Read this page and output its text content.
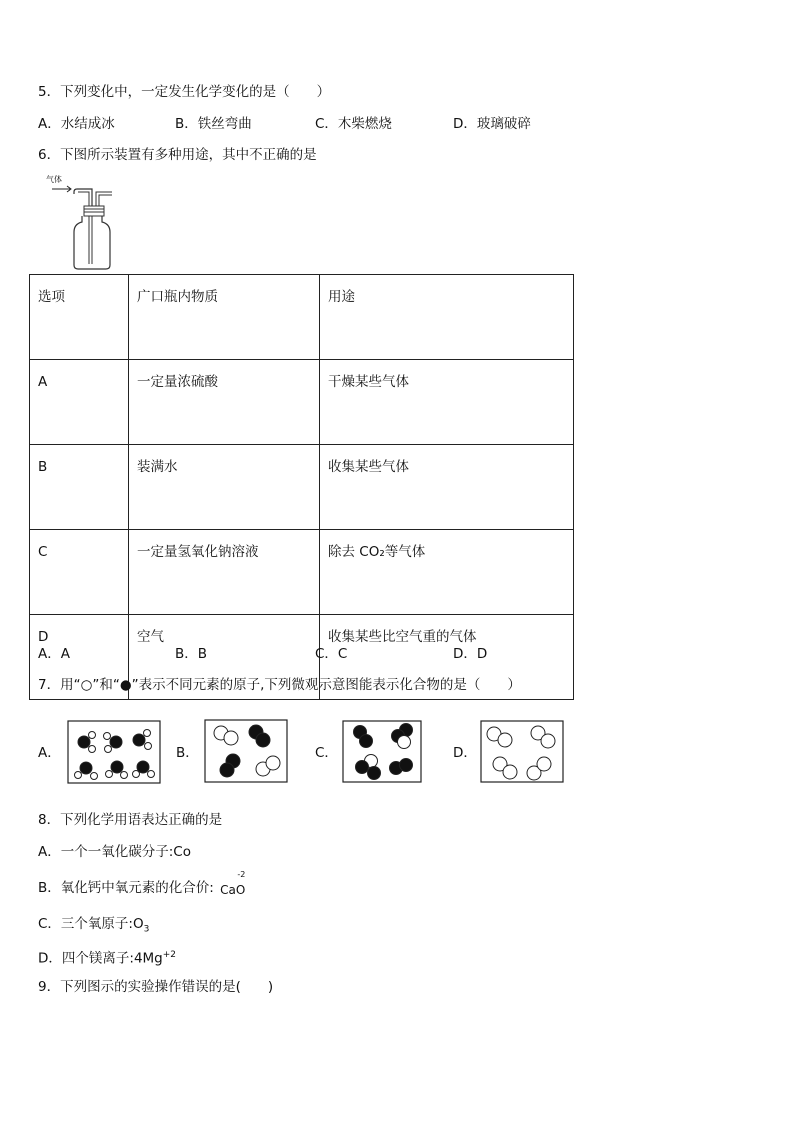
5．下列变化中，一定发生化学变化的是（　　）
A．水结成冰	B．铁丝弯曲	C．木柴燃烧	D．玻璃破碎
6．下图所示装置有多种用途，其中不正确的是
气体
选项	广口瓶内物质	用途
A	一定量浓硫酸	干燥某些气体
B	装满水	收集某些气体
C	一定量氢氧化钠溶液	除去 CO₂等气体
D	空气	收集某些比空气重的气体
A．A	B．B	C．C	D．D
7．用“○”和“●”表示不同元素的原子,下列微观示意图能表示化合物的是（　　）
A．	B．	C．	D．
8．下列化学用语表达正确的是
A．一个一氧化碳分子:Co
B．氧化钙中氧元素的化合价: CaO
-2
C．三个氧原子$:O_3$
D．四个镁离子$:4Mg^{+2}$
9．下列图示的实验操作错误的是(　　)
